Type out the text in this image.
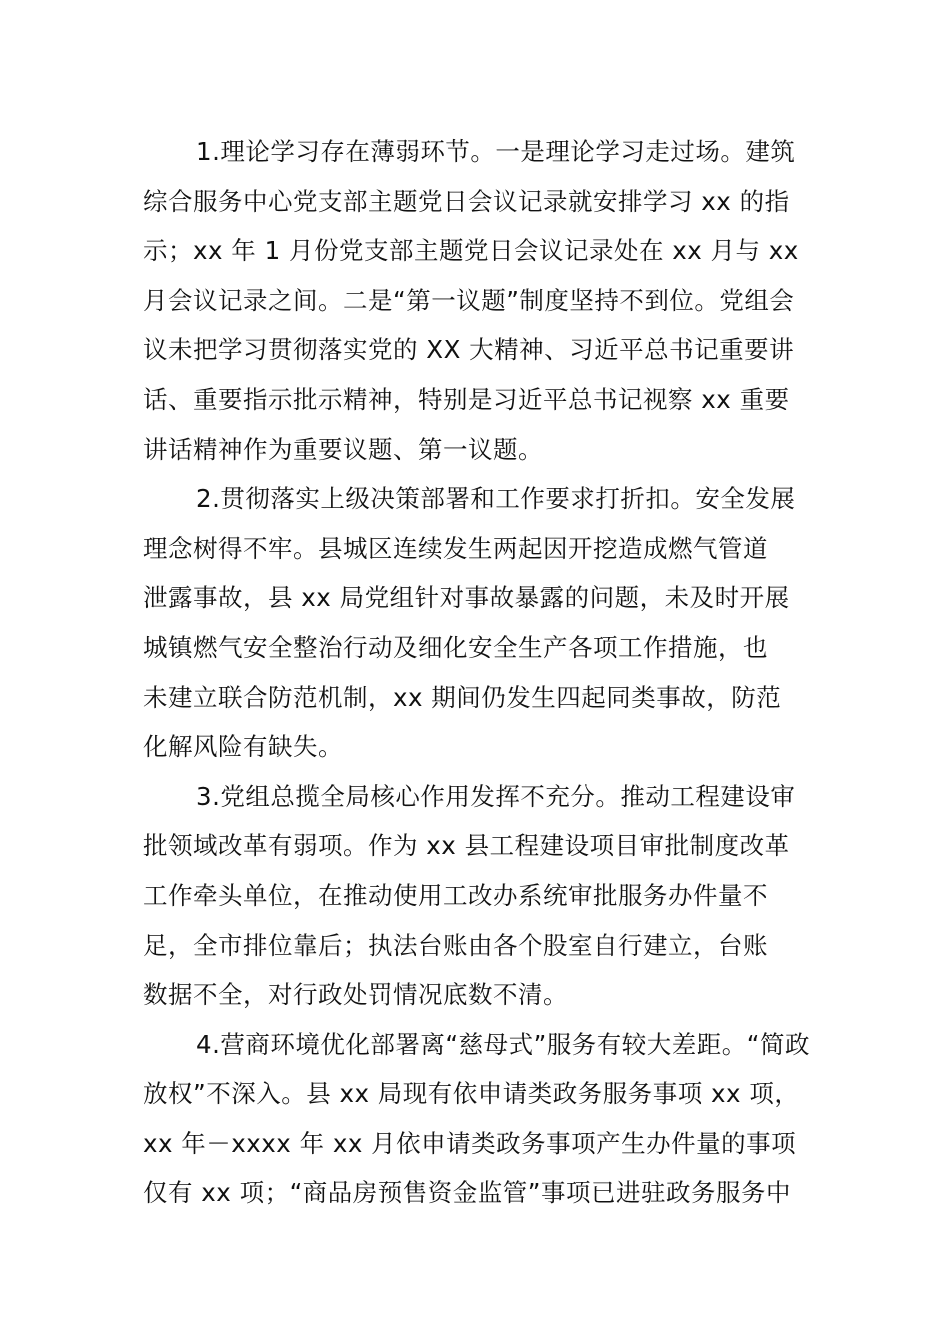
1.理论学习存在薄弱环节。一是理论学习走过场。建筑
综合服务中心党支部主题党日会议记录就安排学习 xx 的指
示；xx 年 1 月份党支部主题党日会议记录处在 xx 月与 xx
月会议记录之间。二是“第一议题”制度坚持不到位。党组会
议未把学习贯彻落实党的 XX 大精神、习近平总书记重要讲
话、重要指示批示精神，特别是习近平总书记视察 xx 重要
讲话精神作为重要议题、第一议题。
2.贯彻落实上级决策部署和工作要求打折扣。安全发展
理念树得不牢。县城区连续发生两起因开挖造成燃气管道
泄露事故，县 xx 局党组针对事故暴露的问题，未及时开展
城镇燃气安全整治行动及细化安全生产各项工作措施，也
未建立联合防范机制，xx 期间仍发生四起同类事故，防范
化解风险有缺失。
3.党组总揽全局核心作用发挥不充分。推动工程建设审
批领域改革有弱项。作为 xx 县工程建设项目审批制度改革
工作牵头单位，在推动使用工改办系统审批服务办件量不
足，全市排位靠后；执法台账由各个股室自行建立，台账
数据不全，对行政处罚情况底数不清。
4.营商环境优化部署离“慈母式”服务有较大差距。“简政
放权”不深入。县 xx 局现有依申请类政务服务事项 xx 项，
xx 年－xxxx 年 xx 月依申请类政务事项产生办件量的事项
仅有 xx 项；“商品房预售资金监管”事项已进驻政务服务中
